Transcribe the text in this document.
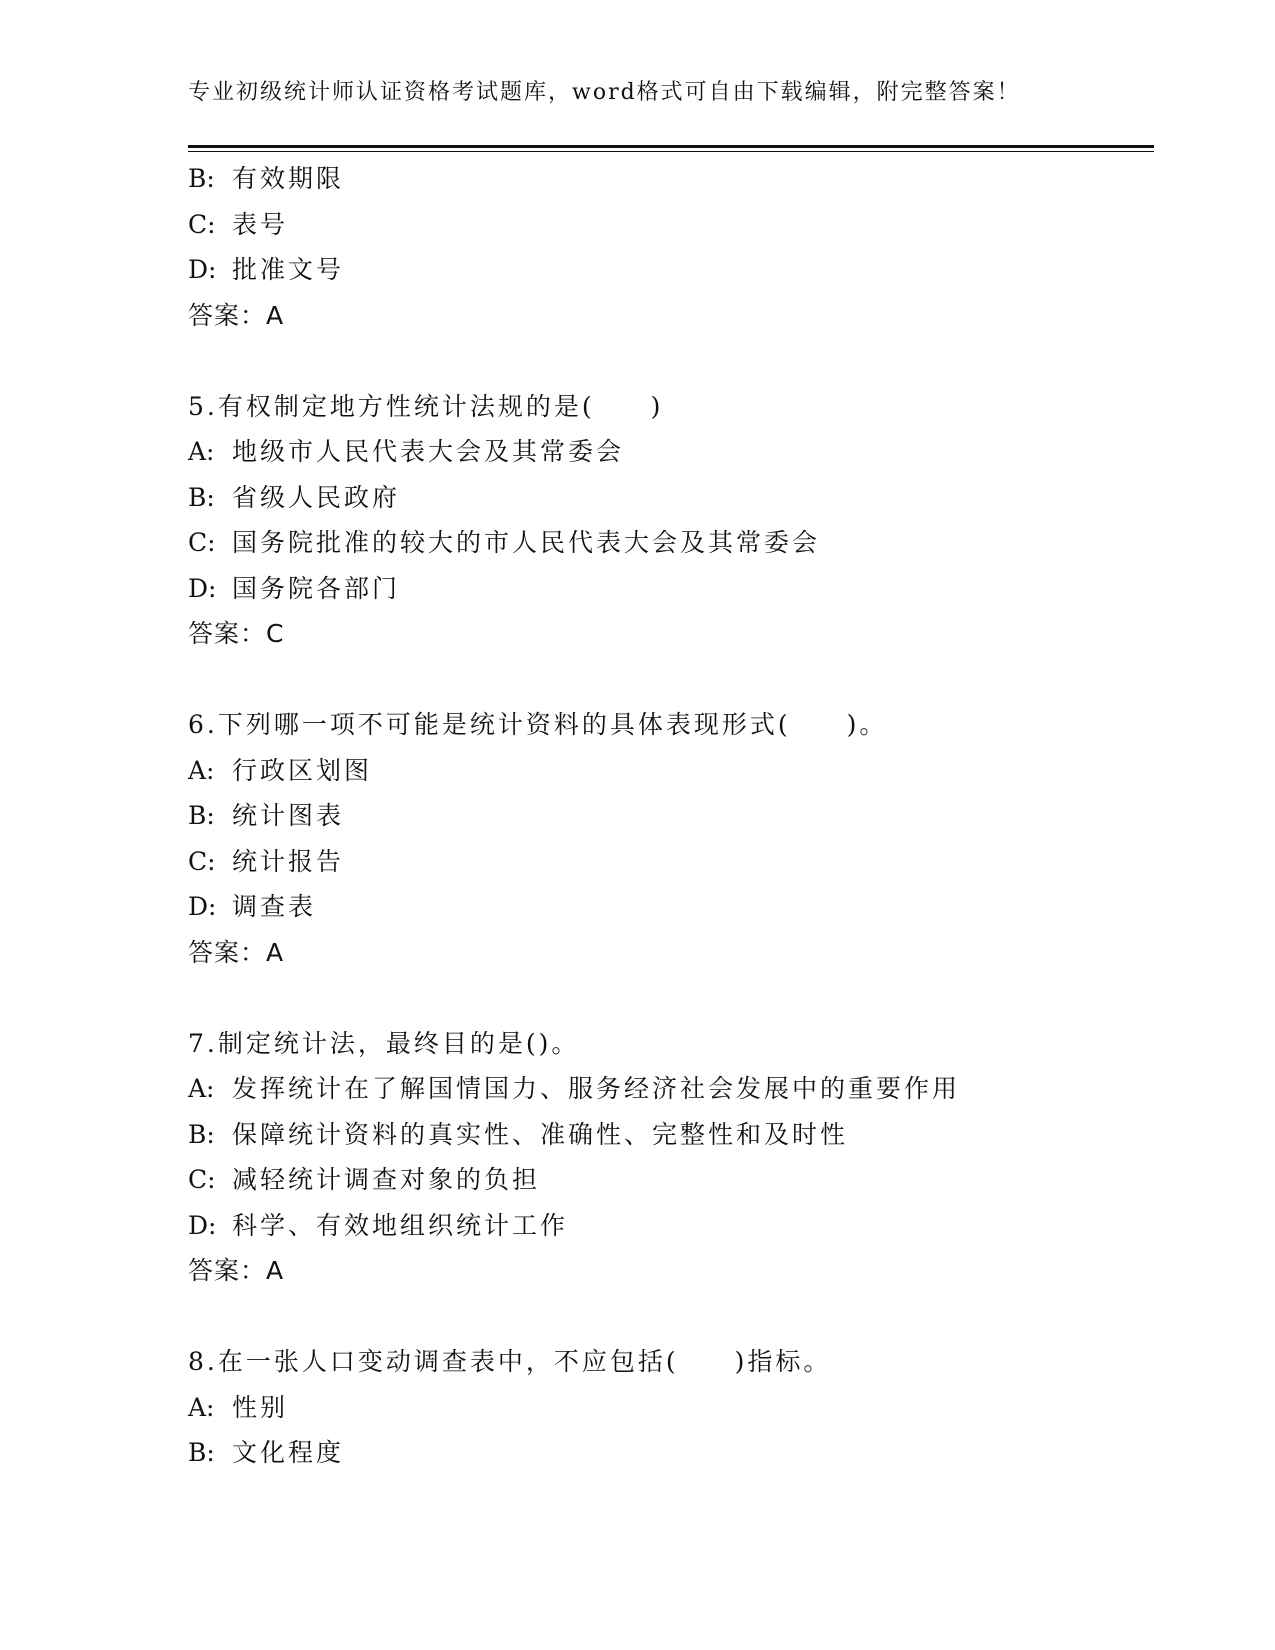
专业初级统计师认证资格考试题库，word格式可自由下载编辑，附完整答案！
B: 有效期限
C: 表号
D: 批准文号
答案：A
5.有权制定地方性统计法规的是(　　)
A: 地级市人民代表大会及其常委会
B: 省级人民政府
C: 国务院批准的较大的市人民代表大会及其常委会
D: 国务院各部门
答案：C
6.下列哪一项不可能是统计资料的具体表现形式(　　)。
A: 行政区划图
B: 统计图表
C: 统计报告
D: 调查表
答案：A
7.制定统计法，最终目的是()。
A: 发挥统计在了解国情国力、服务经济社会发展中的重要作用
B: 保障统计资料的真实性、准确性、完整性和及时性
C: 减轻统计调查对象的负担
D: 科学、有效地组织统计工作
答案：A
8.在一张人口变动调查表中，不应包括(　　)指标。
A: 性别
B: 文化程度
